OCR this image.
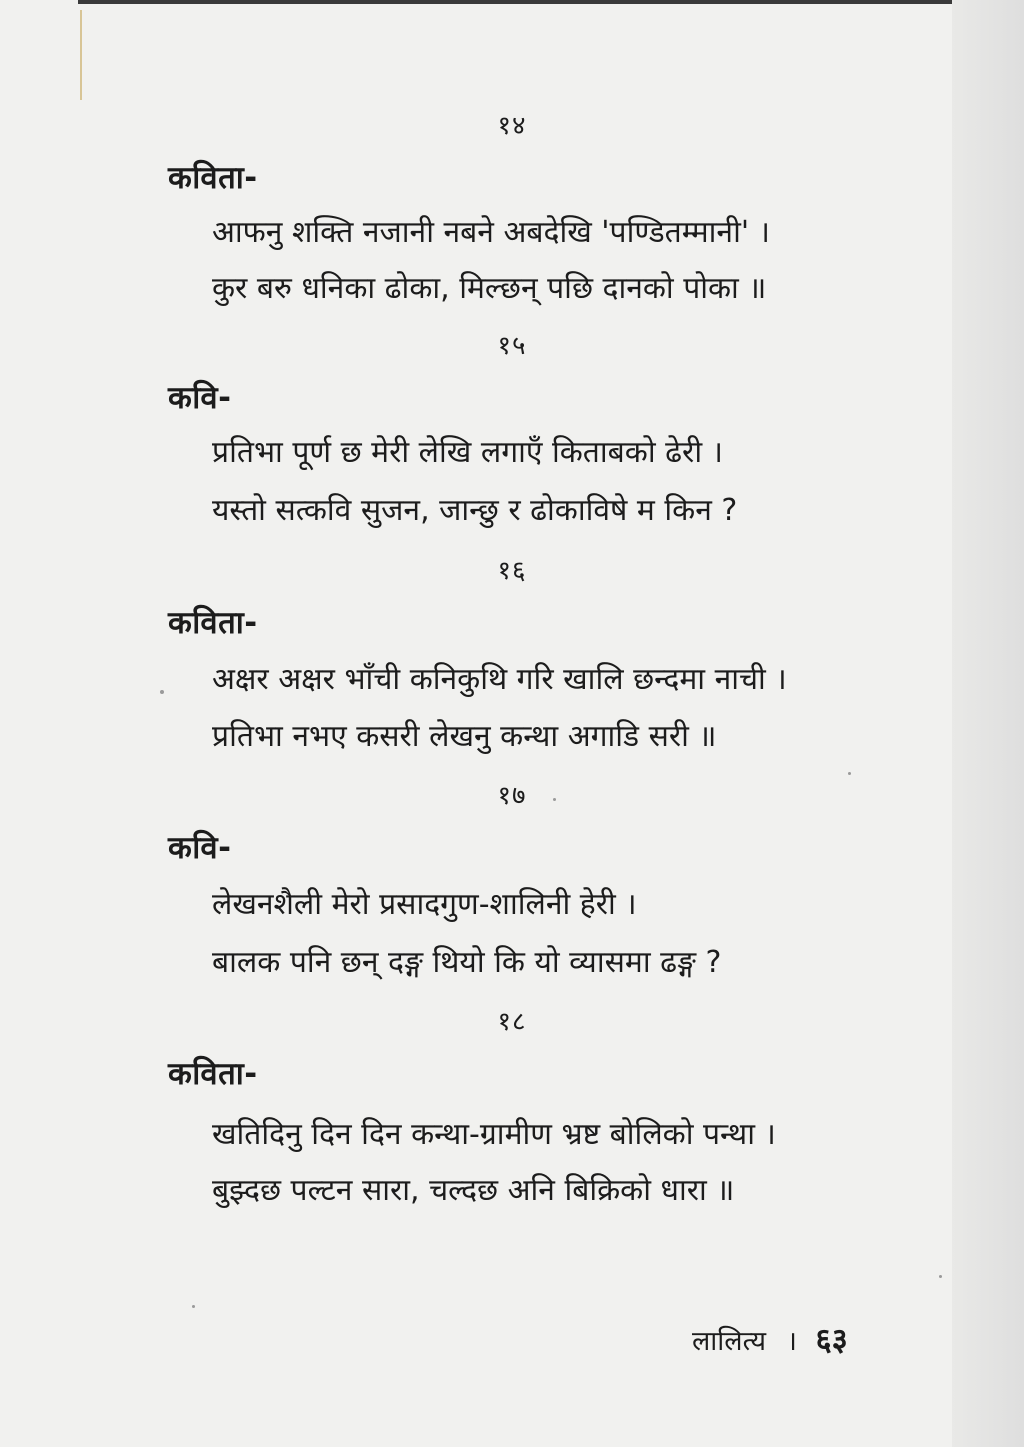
१४
कविता-
आफनु शक्ति नजानी नबने अबदेखि 'पण्डितम्मानी' ।
कुर बरु धनिका ढोका, मिल्छन् पछि दानको पोका ॥
१५
कवि-
प्रतिभा पूर्ण छ मेरी लेखि लगाएँ किताबको ढेरी ।
यस्तो सत्कवि सुजन, जान्छु र ढोकाविषे म किन ?
१६
कविता-
अक्षर अक्षर भाँची कनिकुथि गरि खालि छन्दमा नाची ।
प्रतिभा नभए कसरी लेखनु कन्था अगाडि सरी ॥
१७
कवि-
लेखनशैली मेरो प्रसादगुण-शालिनी हेरी ।
बालक पनि छन् दङ्ग थियो कि यो व्यासमा ढङ्ग ?
१८
कविता-
खतिदिनु दिन दिन कन्था-ग्रामीण भ्रष्ट बोलिको पन्था ।
बुझ्दछ पल्टन सारा, चल्दछ अनि बिक्रिको धारा ॥
लालित्य । ६३
